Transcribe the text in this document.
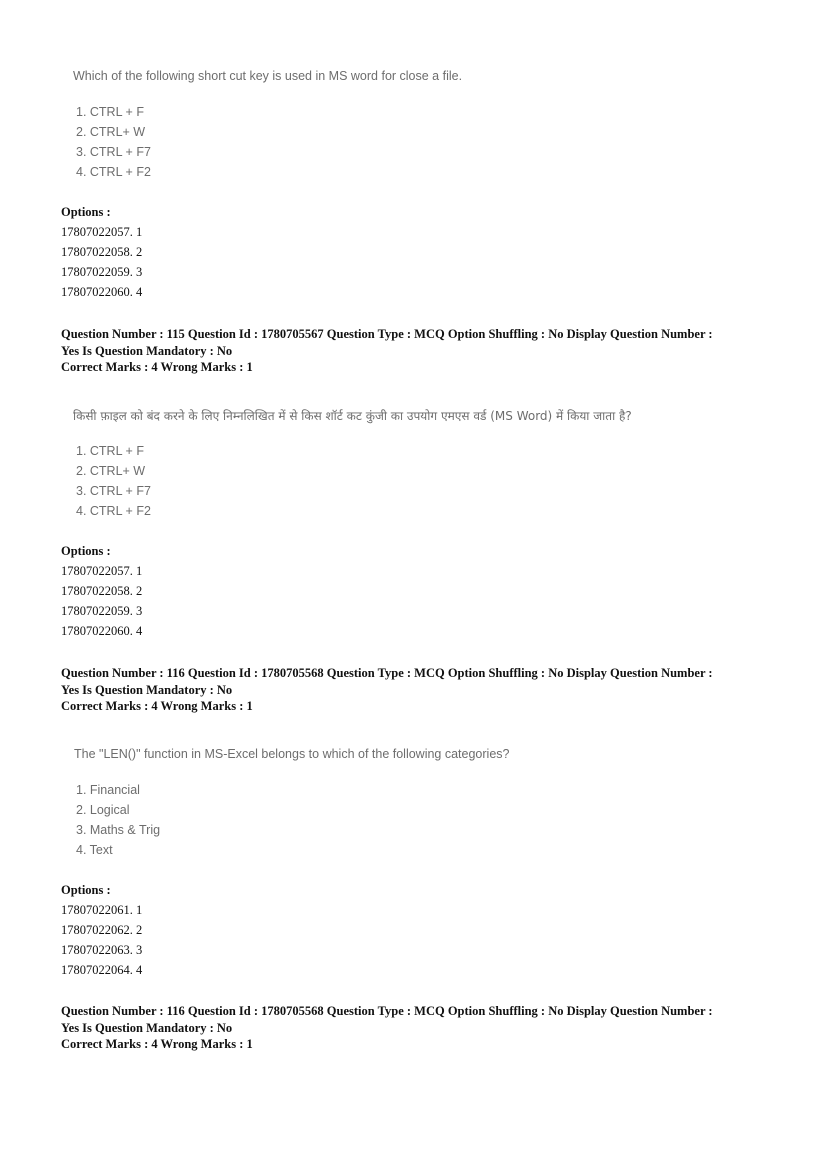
Which of the following short cut key is used in MS word for close a file.
1. CTRL + F
2. CTRL+ W
3. CTRL + F7
4. CTRL + F2
Options :
17807022057. 1
17807022058. 2
17807022059. 3
17807022060. 4
Question Number : 115 Question Id : 1780705567 Question Type : MCQ Option Shuffling : No Display Question Number :
Yes Is Question Mandatory : No
Correct Marks : 4 Wrong Marks : 1
किसी फ़ाइल को बंद करने के लिए निम्नलिखित में से किस शॉर्ट कट कुंजी का उपयोग एमएस वर्ड (MS Word) में किया जाता है?
1. CTRL + F
2. CTRL+ W
3. CTRL + F7
4. CTRL + F2
Options :
17807022057. 1
17807022058. 2
17807022059. 3
17807022060. 4
Question Number : 116 Question Id : 1780705568 Question Type : MCQ Option Shuffling : No Display Question Number :
Yes Is Question Mandatory : No
Correct Marks : 4 Wrong Marks : 1
The "LEN()" function in MS-Excel belongs to which of the following categories?
1. Financial
2. Logical
3. Maths & Trig
4. Text
Options :
17807022061. 1
17807022062. 2
17807022063. 3
17807022064. 4
Question Number : 116 Question Id : 1780705568 Question Type : MCQ Option Shuffling : No Display Question Number :
Yes Is Question Mandatory : No
Correct Marks : 4 Wrong Marks : 1
